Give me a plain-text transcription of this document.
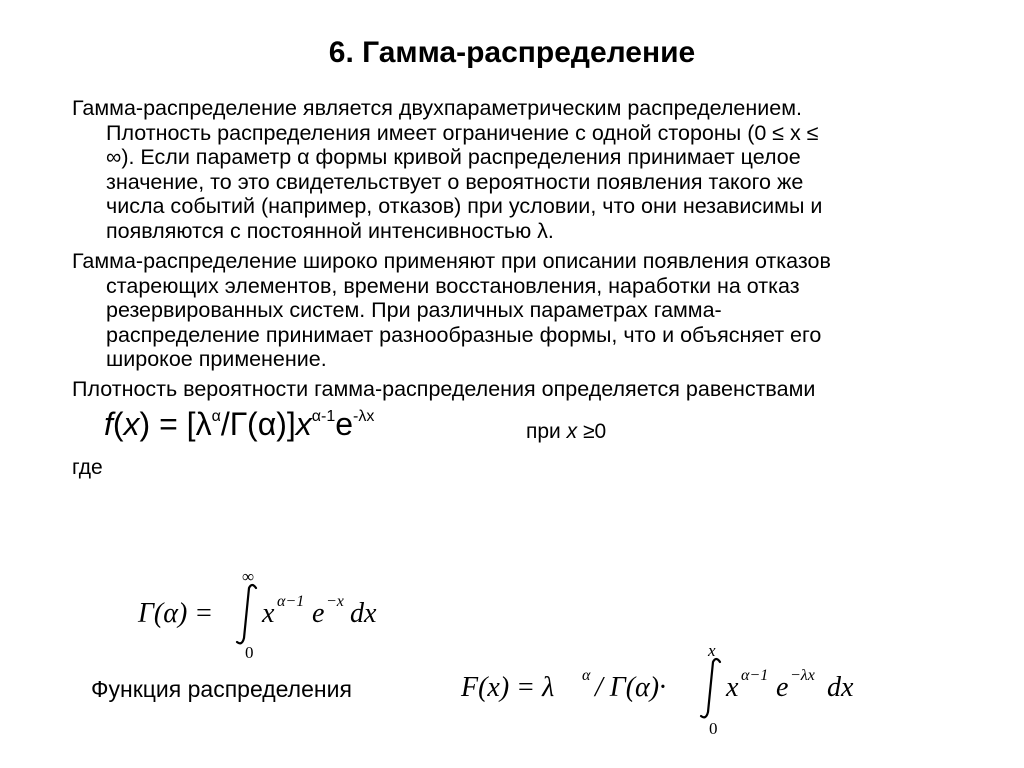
6. Гамма-распределение
Гамма-распределение является двухпараметрическим распределением.
Плотность распределения имеет ограничение с одной стороны (0 ≤ x ≤
∞). Если параметр α формы кривой распределения принимает целое
значение, то это свидетельствует о вероятности появления такого же
числа событий (например, отказов) при условии, что они независимы и
появляются с постоянной интенсивностью λ.
Гамма-распределение широко применяют при описании появления отказов
стареющих элементов, времени восстановления, наработки на отказ
резервированных систем. При различных параметрах гамма-
распределение принимает разнообразные формы, что и объясняет его
широкое применение.
Плотность вероятности гамма-распределения определяется равенствами
$f(x) = [\lambda^\alpha/Г(\alpha)]x^{\alpha-1}e^{-\lambda x}$
при x ≥0
где
Γ(α) =
∞
0
x α−1 e −x dx
Функция распределения	F(x) = λ α / Γ(α)·
x
0
x α−1 e −λx dx
